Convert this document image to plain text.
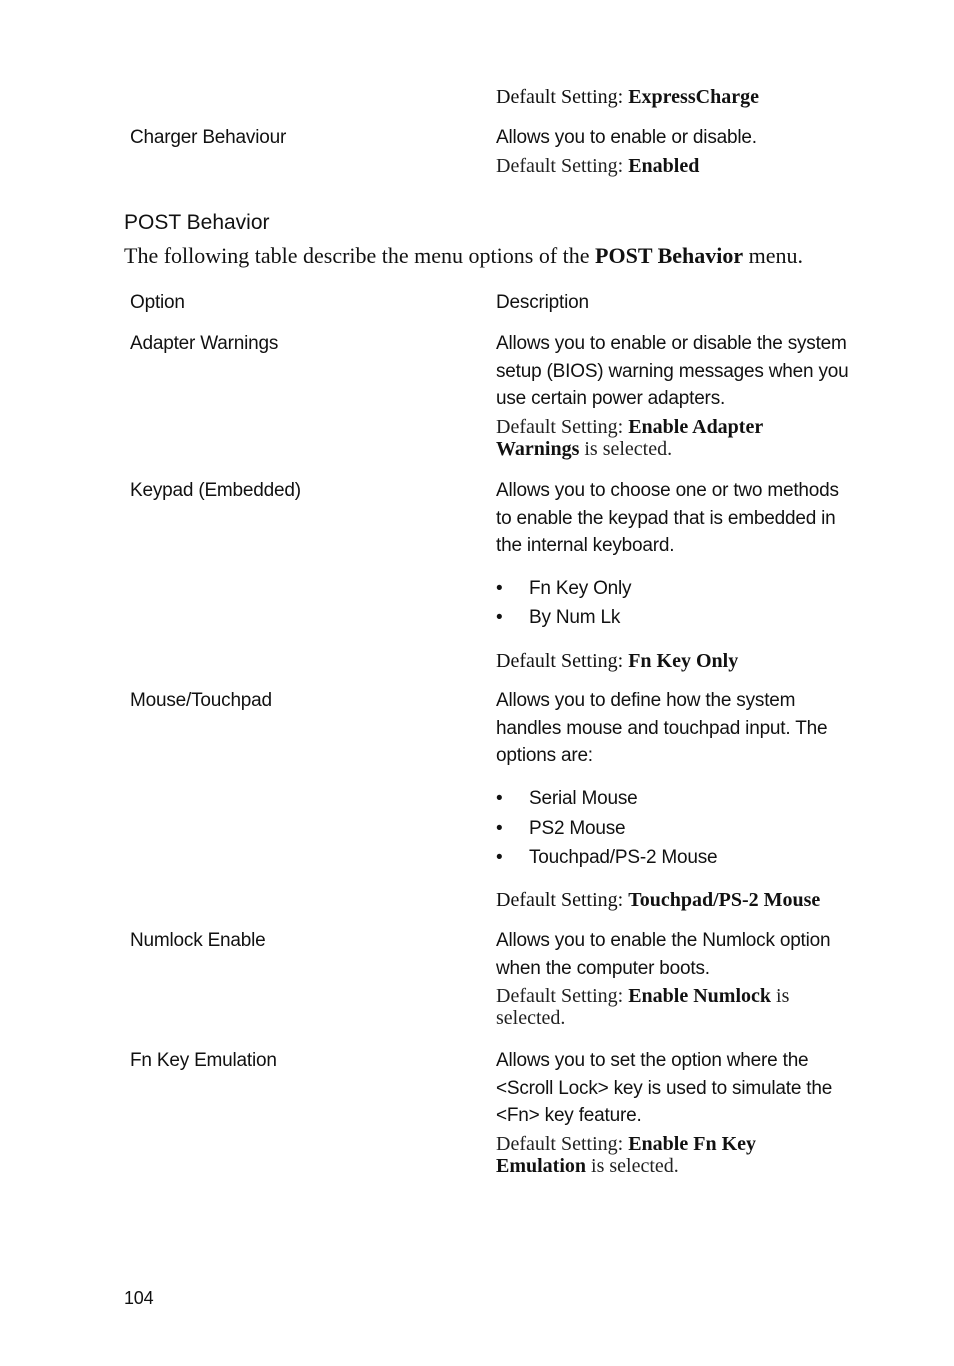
Default Setting: ExpressCharge
Charger Behaviour	Allows you to enable or disable.

Default Setting: Enabled
POST Behavior
The following table describe the menu options of the POST Behavior menu.
Option	Description
Adapter Warnings	Allows you to enable or disable the system

setup (BIOS) warning messages when you

use certain power adapters.

Default Setting: Enable Adapter
Warnings is selected.
Keypad (Embedded)	Allows you to choose one or two methods

to enable the keypad that is embedded in

the internal keyboard.

• Fn Key Only
• By Num Lk
Default Setting: Fn Key Only
Mouse/Touchpad	Allows you to define how the system

handles mouse and touchpad input. The

options are:

• Serial Mouse
• PS2 Mouse
• Touchpad/PS-2 Mouse
Default Setting: Touchpad/PS-2 Mouse
Numlock Enable	Allows you to enable the Numlock option

when the computer boots.

Default Setting: Enable Numlock is
selected.
Fn Key Emulation	Allows you to set the option where the

<Scroll Lock> key is used to simulate the

<Fn> key feature.

Default Setting: Enable Fn Key
Emulation is selected.
104
